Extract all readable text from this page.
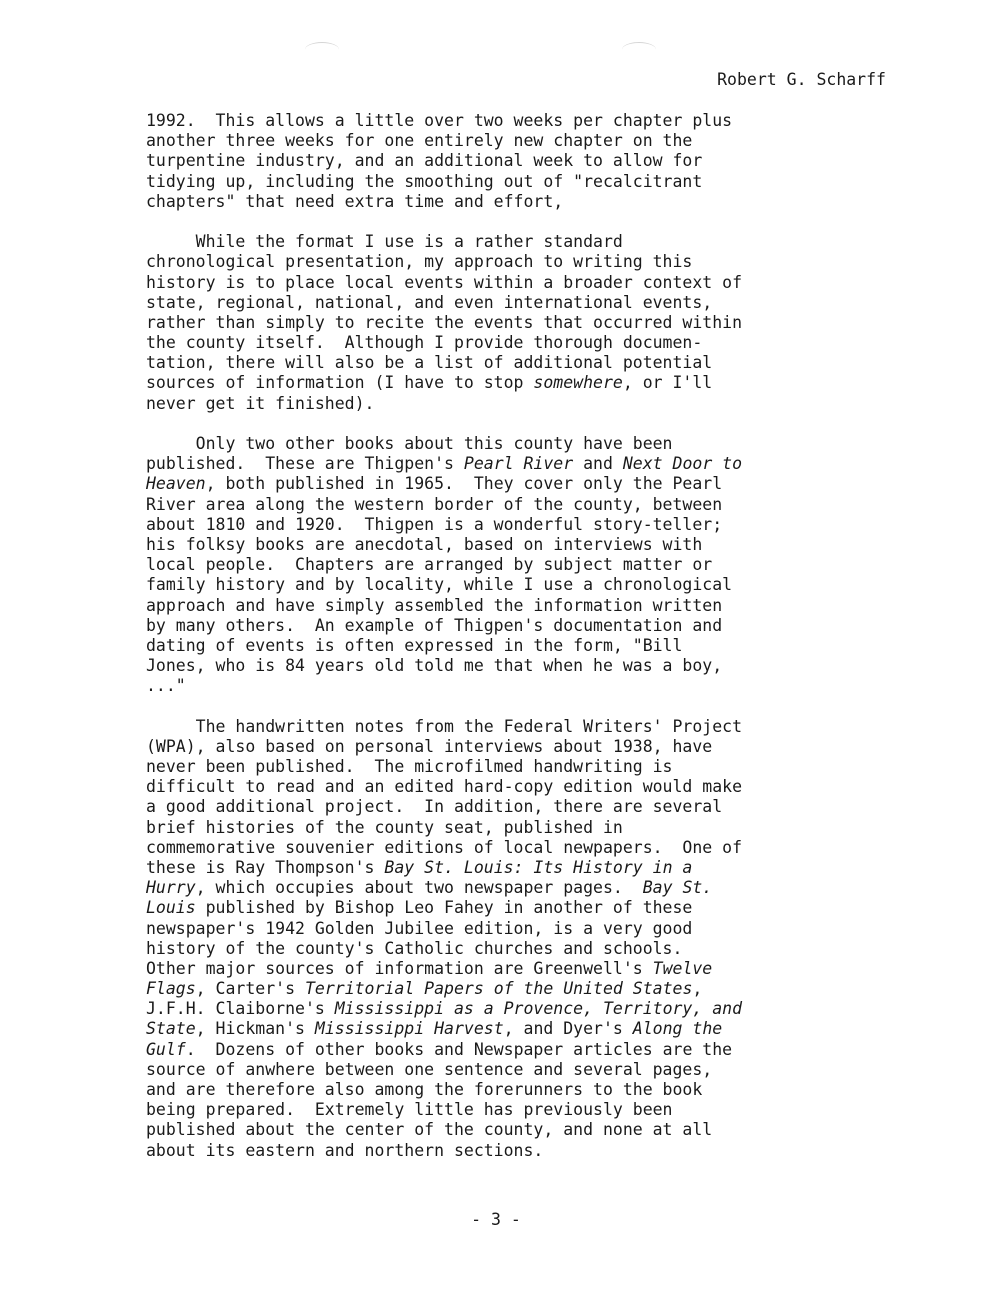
Robert G. Scharff
1992.  This allows a little over two weeks per chapter plus
another three weeks for one entirely new chapter on the
turpentine industry, and an additional week to allow for
tidying up, including the smoothing out of "recalcitrant
chapters" that need extra time and effort,
While the format I use is a rather standard
chronological presentation, my approach to writing this
history is to place local events within a broader context of
state, regional, national, and even international events,
rather than simply to recite the events that occurred within
the county itself.  Although I provide thorough documen-
tation, there will also be a list of additional potential
sources of information (I have to stop somewhere, or I'll
never get it finished).
Only two other books about this county have been
published.  These are Thigpen's Pearl River and Next Door to
Heaven, both published in 1965.  They cover only the Pearl
River area along the western border of the county, between
about 1810 and 1920.  Thigpen is a wonderful story-teller;
his folksy books are anecdotal, based on interviews with
local people.  Chapters are arranged by subject matter or
family history and by locality, while I use a chronological
approach and have simply assembled the information written
by many others.  An example of Thigpen's documentation and
dating of events is often expressed in the form, "Bill
Jones, who is 84 years old told me that when he was a boy,
..."
The handwritten notes from the Federal Writers' Project
(WPA), also based on personal interviews about 1938, have
never been published.  The microfilmed handwriting is
difficult to read and an edited hard-copy edition would make
a good additional project.  In addition, there are several
brief histories of the county seat, published in
commemorative souvenier editions of local newpapers.  One of
these is Ray Thompson's Bay St. Louis: Its History in a
Hurry, which occupies about two newspaper pages.  Bay St.
Louis published by Bishop Leo Fahey in another of these
newspaper's 1942 Golden Jubilee edition, is a very good
history of the county's Catholic churches and schools.
Other major sources of information are Greenwell's Twelve
Flags, Carter's Territorial Papers of the United States,
J.F.H. Claiborne's Mississippi as a Provence, Territory, and
State, Hickman's Mississippi Harvest, and Dyer's Along the
Gulf.  Dozens of other books and Newspaper articles are the
source of anwhere between one sentence and several pages,
and are therefore also among the forerunners to the book
being prepared.  Extremely little has previously been
published about the center of the county, and none at all
about its eastern and northern sections.
- 3 -
